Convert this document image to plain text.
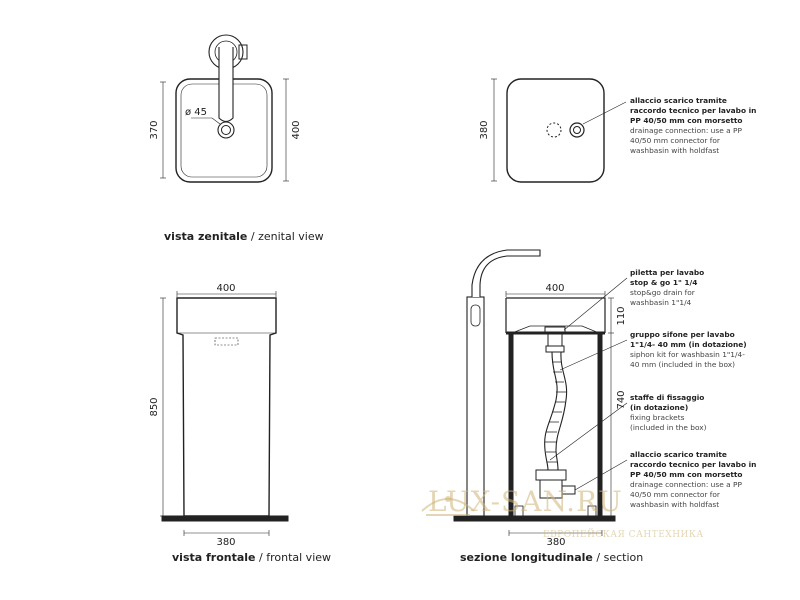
370	400
ø 45
380
400
850
380
400
110
740
380
vista zenitale / zenital view
vista frontale / frontal view	sezione longitudinale / section
allaccio scarico tramite
raccordo tecnico per lavabo in
PP 40/50 mm con morsetto
drainage connection: use a PP
40/50 mm connector for
washbasin with holdfast
piletta per lavabo
stop & go 1" 1/4
stop&go drain for
washbasin 1"1/4
gruppo sifone per lavabo
1"1/4- 40 mm (in dotazione)
siphon kit for washbasin 1"1/4-
40 mm (included in the box)
staffe di fissaggio
(in dotazione)
fixing brackets
(included in the box)
allaccio scarico tramite
raccordo tecnico per lavabo in
PP 40/50 mm con morsetto
drainage connection: use a PP
40/50 mm connector for
washbasin with holdfast
LUX-SAN.RU
ЕВРОПЕЙСКАЯ САНТЕХНИКА
